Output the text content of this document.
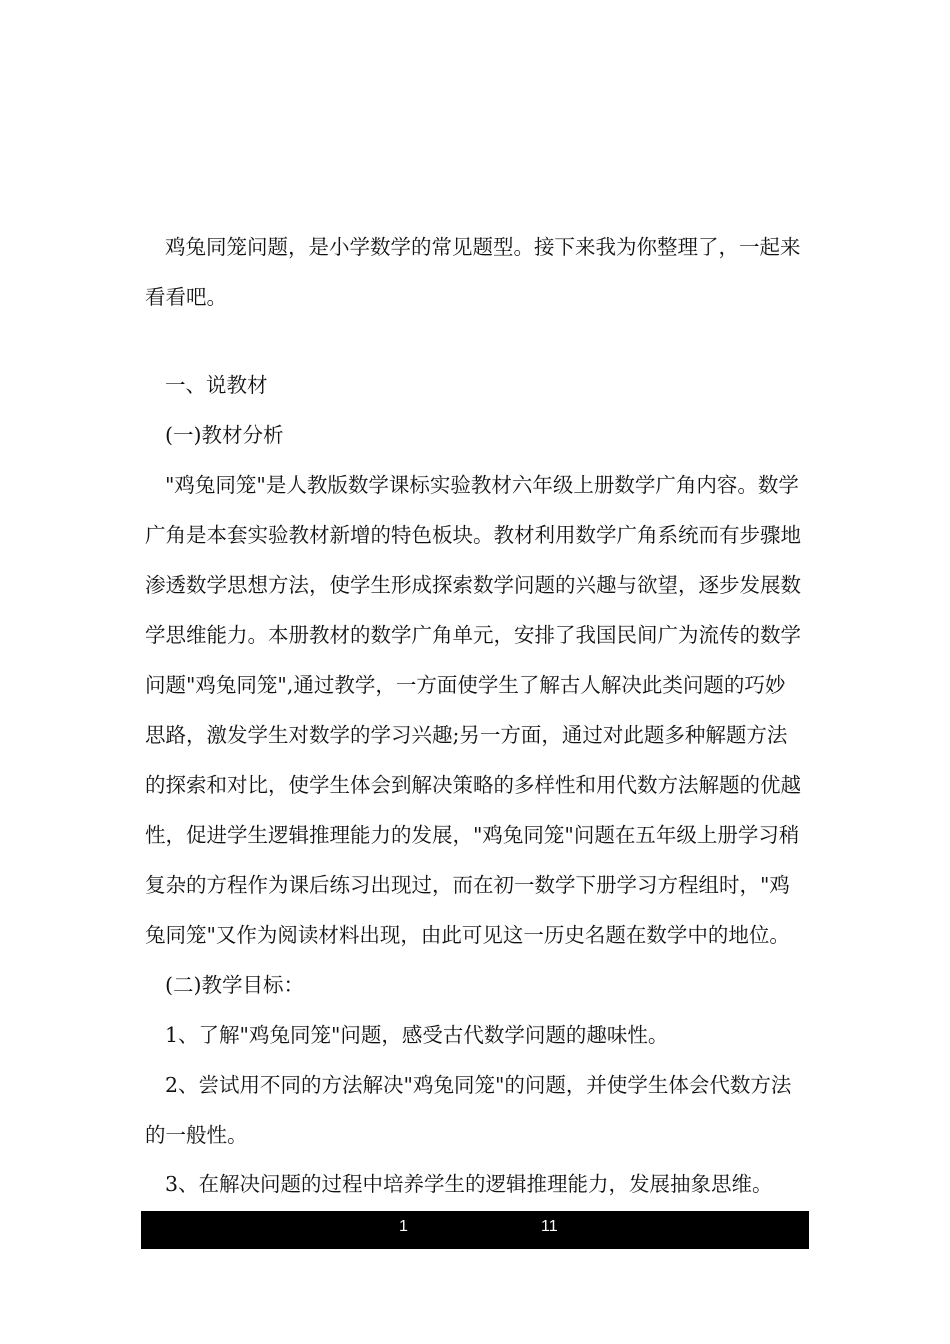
鸡兔同笼问题，是小学数学的常见题型。接下来我为你整理了，一起来
看看吧。
一、说教材
(一)教材分析
"鸡兔同笼"是人教版数学课标实验教材六年级上册数学广角内容。数学
广角是本套实验教材新增的特色板块。教材利用数学广角系统而有步骤地
渗透数学思想方法，使学生形成探索数学问题的兴趣与欲望，逐步发展数
学思维能力。本册教材的数学广角单元，安排了我国民间广为流传的数学
问题"鸡兔同笼",通过教学，一方面使学生了解古人解决此类问题的巧妙
思路，激发学生对数学的学习兴趣;另一方面，通过对此题多种解题方法
的探索和对比，使学生体会到解决策略的多样性和用代数方法解题的优越
性，促进学生逻辑推理能力的发展，"鸡兔同笼"问题在五年级上册学习稍
复杂的方程作为课后练习出现过，而在初一数学下册学习方程组时，"鸡
兔同笼"又作为阅读材料出现，由此可见这一历史名题在数学中的地位。
(二)教学目标：
1、了解"鸡兔同笼"问题，感受古代数学问题的趣味性。
2、尝试用不同的方法解决"鸡兔同笼"的问题，并使学生体会代数方法
的一般性。
3、在解决问题的过程中培养学生的逻辑推理能力，发展抽象思维。
1	11
